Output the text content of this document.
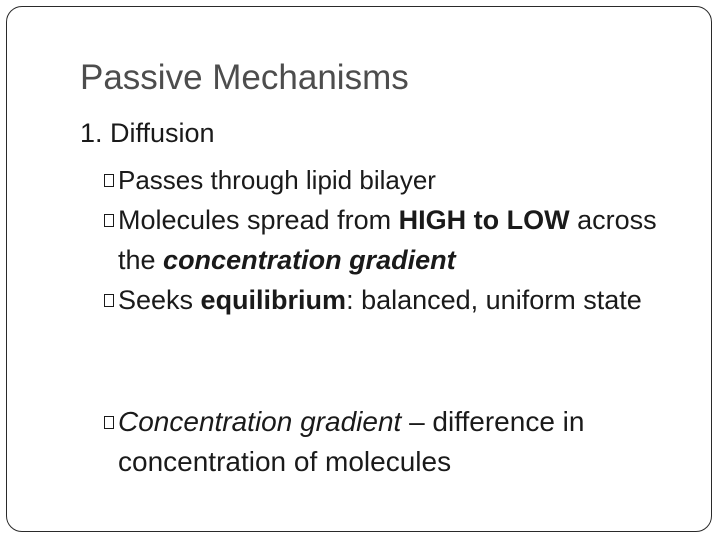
Passive Mechanisms
1. Diffusion
Passes through lipid bilayer
Molecules spread from HIGH to LOW across the concentration gradient
Seeks equilibrium: balanced, uniform state
Concentration gradient – difference in concentration of molecules
